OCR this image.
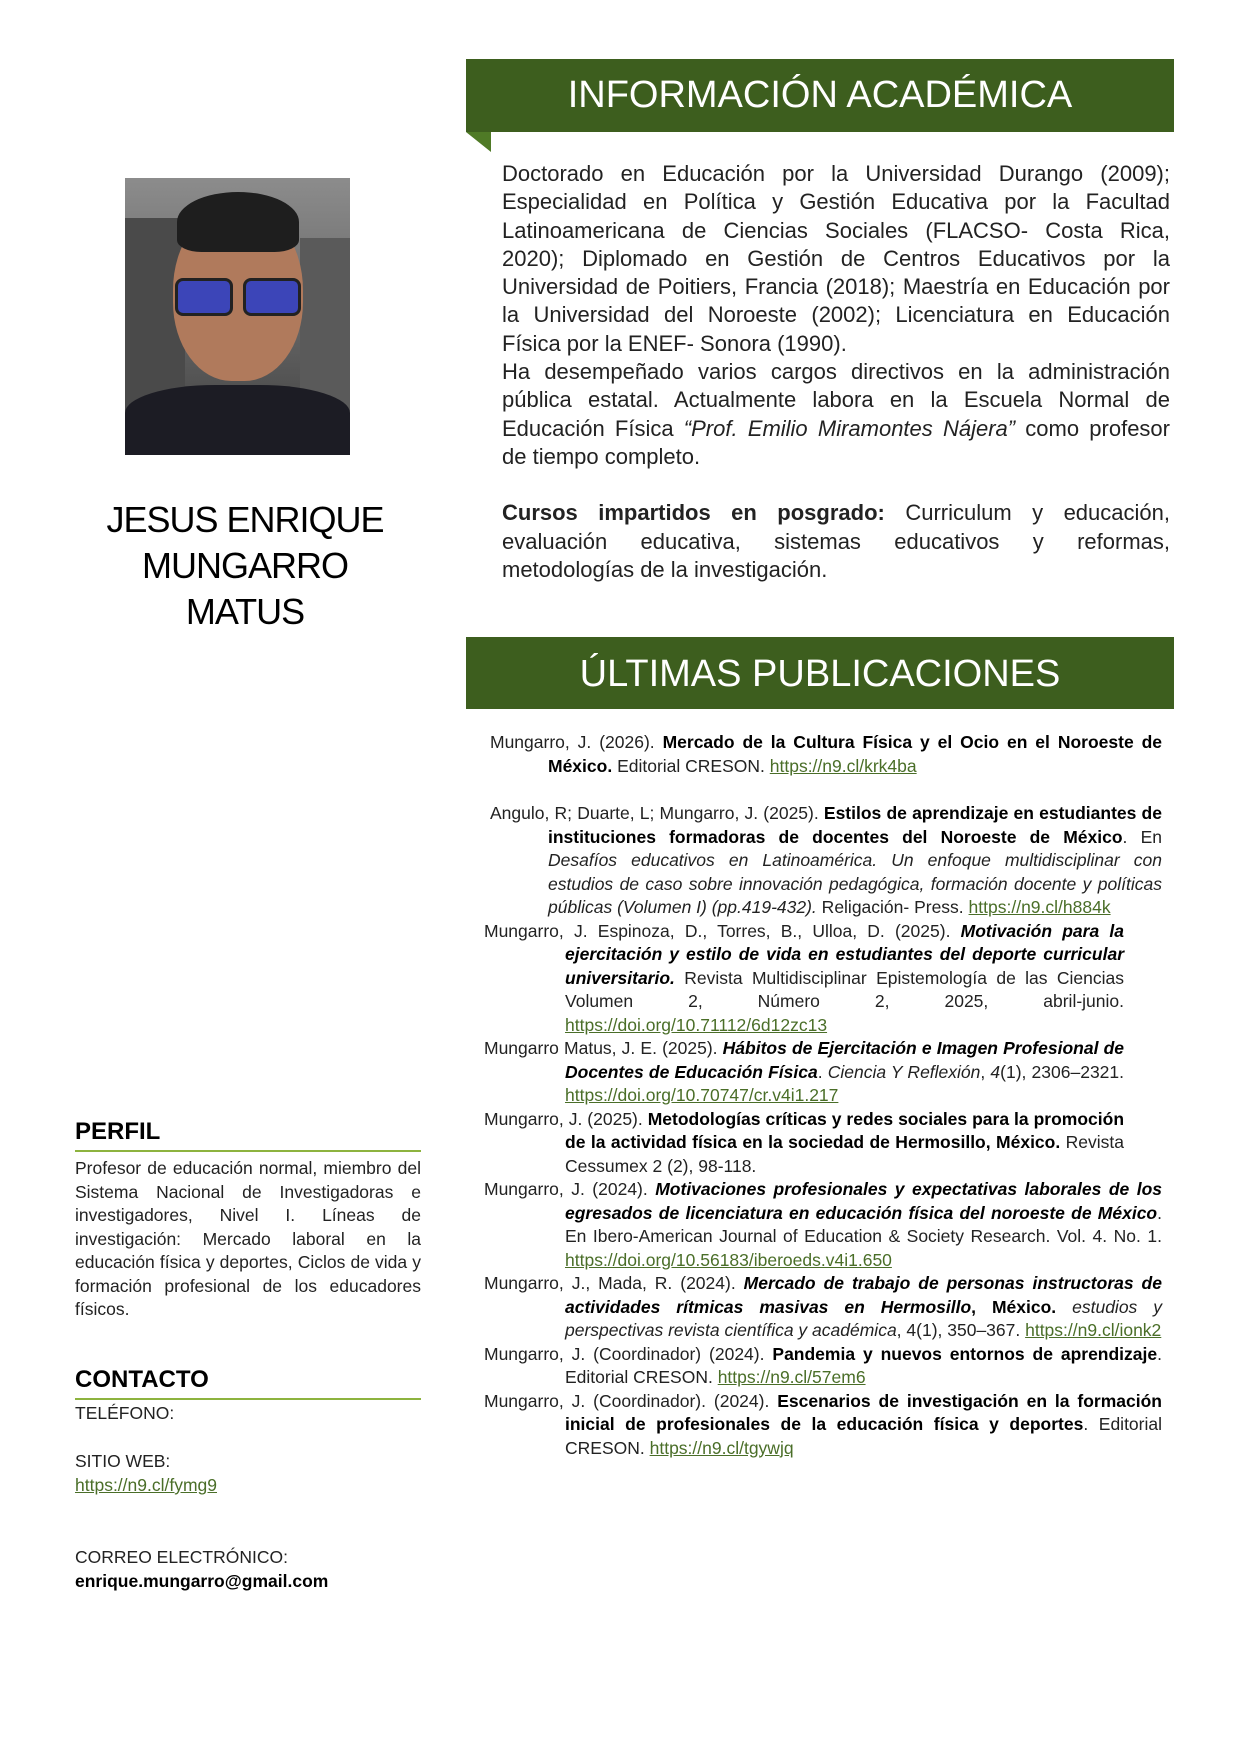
JESUS ENRIQUE
MUNGARRO
MATUS
PERFIL
Profesor de educación normal, miembro del Sistema Nacional de Investigadoras e investigadores, Nivel I. Líneas de investigación: Mercado laboral en la educación física y deportes, Ciclos de vida y formación profesional de los educadores físicos.
CONTACTO
TELÉFONO:
SITIO WEB:
https://n9.cl/fymg9
CORREO ELECTRÓNICO:
enrique.mungarro@gmail.com
INFORMACIÓN ACADÉMICA

Doctorado en Educación por la Universidad Durango (2009); Especialidad en Política y Gestión Educativa por la Facultad Latinoamericana de Ciencias Sociales (FLACSO- Costa Rica, 2020); Diplomado en Gestión de Centros Educativos por la Universidad de Poitiers, Francia (2018); Maestría en Educación por la Universidad del Noroeste (2002); Licenciatura en Educación Física por la ENEF- Sonora (1990).

Ha desempeñado varios cargos directivos en la administración pública estatal. Actualmente labora en la Escuela Normal de Educación Física “Prof. Emilio Miramontes Nájera” como profesor de tiempo completo.

Cursos impartidos en posgrado: Curriculum y educación, evaluación educativa, sistemas educativos y reformas, metodologías de la investigación.

ÚLTIMAS PUBLICACIONES
Mungarro, J. (2026). Mercado de la Cultura Física y el Ocio en el Noroeste de México. Editorial CRESON. https://n9.cl/krk4ba
Angulo, R; Duarte, L; Mungarro, J. (2025). Estilos de aprendizaje en estudiantes de instituciones formadoras de docentes del Noroeste de México. En Desafíos educativos en Latinoamérica. Un enfoque multidisciplinar con estudios de caso sobre innovación pedagógica, formación docente y políticas públicas (Volumen I) (pp.419-432). Religación- Press. https://n9.cl/h884k
Mungarro, J. Espinoza, D., Torres, B., Ulloa, D. (2025). Motivación para la ejercitación y estilo de vida en estudiantes del deporte curricular universitario. Revista Multidisciplinar Epistemología de las Ciencias Volumen 2, Número 2, 2025, abril-junio. https://doi.org/10.71112/6d12zc13
Mungarro Matus, J. E. (2025). Hábitos de Ejercitación e Imagen Profesional de Docentes de Educación Física. Ciencia Y Reflexión, 4(1), 2306–2321. https://doi.org/10.70747/cr.v4i1.217
Mungarro, J. (2025). Metodologías críticas y redes sociales para la promoción de la actividad física en la sociedad de Hermosillo, México. Revista Cessumex 2 (2), 98-118.
Mungarro, J. (2024). Motivaciones profesionales y expectativas laborales de los egresados de licenciatura en educación física del noroeste de México. En Ibero-American Journal of Education & Society Research. Vol. 4. No. 1. https://doi.org/10.56183/iberoeds.v4i1.650
Mungarro, J., Mada, R. (2024). Mercado de trabajo de personas instructoras de actividades rítmicas masivas en Hermosillo, México. estudios y perspectivas revista científica y académica, 4(1), 350–367. https://n9.cl/ionk2
Mungarro, J. (Coordinador) (2024). Pandemia y nuevos entornos de aprendizaje. Editorial CRESON. https://n9.cl/57em6
Mungarro, J. (Coordinador). (2024). Escenarios de investigación en la formación inicial de profesionales de la educación física y deportes. Editorial CRESON. https://n9.cl/tgywjq
